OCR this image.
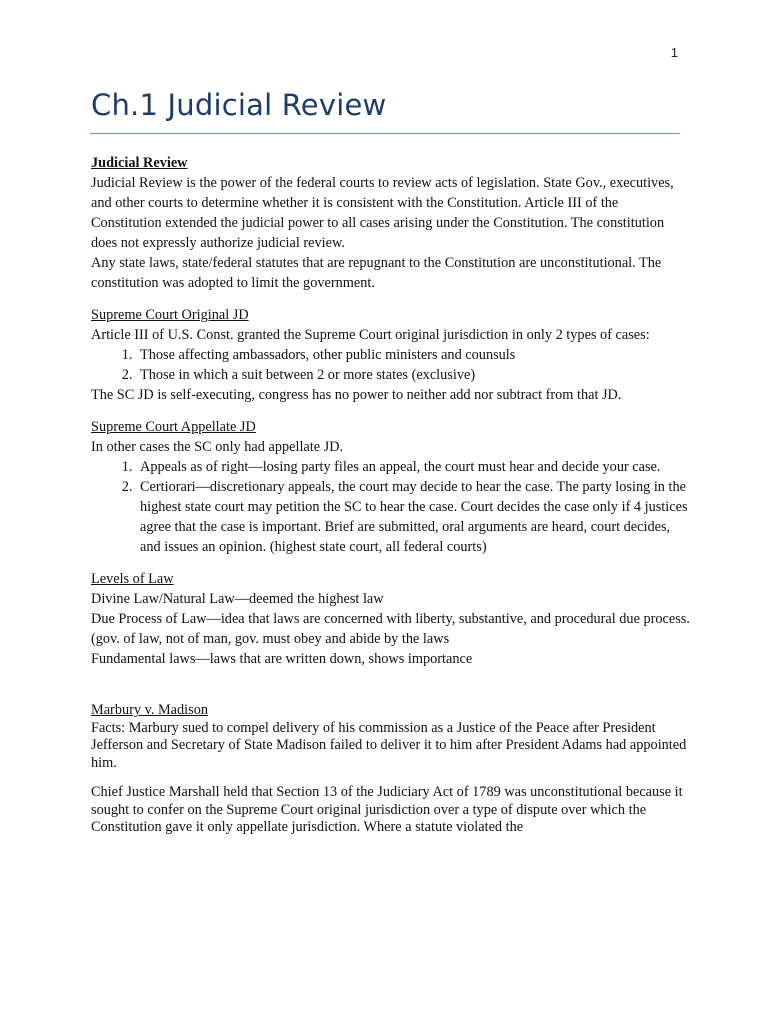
1
Ch.1 Judicial Review

Judicial Review

Judicial Review is the power of the federal courts to review acts of legislation. State Gov., executives, and other courts to determine whether it is consistent with the Constitution. Article III of the Constitution extended the judicial power to all cases arising under the Constitution. The constitution does not expressly authorize judicial review.

Any state laws, state/federal statutes that are repugnant to the Constitution are unconstitutional. The constitution was adopted to limit the government.

Supreme Court Original JD

Article III of U.S. Const. granted the Supreme Court original jurisdiction in only 2 types of cases:

1. Those affecting ambassadors, other public ministers and counsuls
2. Those in which a suit between 2 or more states (exclusive)

The SC JD is self-executing, congress has no power to neither add nor subtract from that JD.

Supreme Court Appellate JD

In other cases the SC only had appellate JD.

1. Appeals as of right—losing party files an appeal, the court must hear and decide your case.
2. Certiorari—discretionary appeals, the court may decide to hear the case. The party losing in the highest state court may petition the SC to hear the case. Court decides the case only if 4 justices agree that the case is important. Brief are submitted, oral arguments are heard, court decides, and issues an opinion. (highest state court, all federal courts)

Levels of Law

Divine Law/Natural Law—deemed the highest law

Due Process of Law—idea that laws are concerned with liberty, substantive, and procedural due process. (gov. of law, not of man, gov. must obey and abide by the laws

Fundamental laws—laws that are written down, shows importance

Marbury v. Madison

Facts: Marbury sued to compel delivery of his commission as a Justice of the Peace after President Jefferson and Secretary of State Madison failed to deliver it to him after President Adams had appointed him.

Chief Justice Marshall held that Section 13 of the Judiciary Act of 1789 was unconstitutional because it sought to confer on the Supreme Court original jurisdiction over a type of dispute over which the Constitution gave it only appellate jurisdiction. Where a statute violated the
